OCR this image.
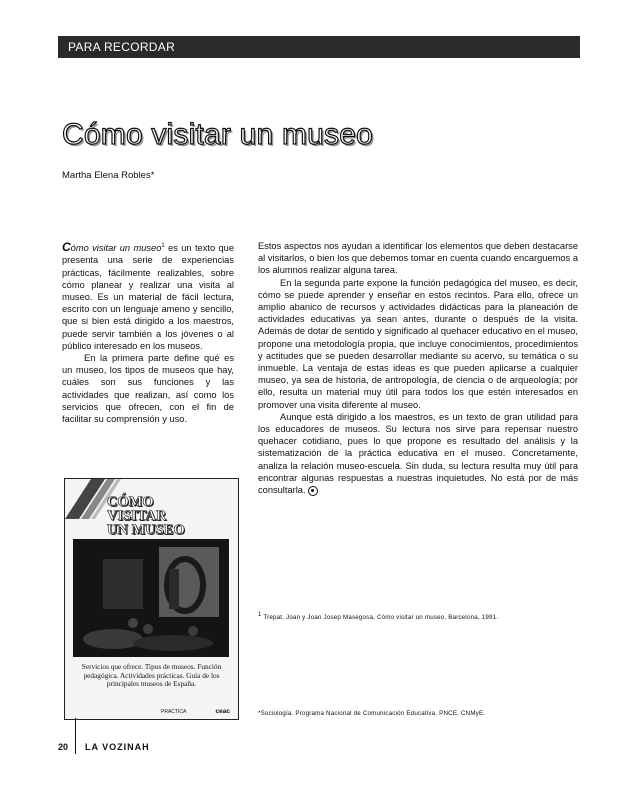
PARA RECORDAR
Cómo visitar un museo
Martha Elena Robles*

Cómo visitar un museo$^1$ es un texto que presenta una serie de experiencias prácticas, fácilmente realizables, sobre cómo planear y realizar una visita al museo. Es un material de fácil lectura, escrito con un lenguaje ameno y sencillo, que si bien está dirigido a los maestros, puede servir también a los jóvenes o al público interesado en los museos.

En la primera parte define qué es un museo, los tipos de museos que hay, cuáles son sus funciones y las actividades que realizan, así como los servicios que ofrecen, con el fin de facilitar su comprensión y uso.

Estos aspectos nos ayudan a identificar los elementos que deben destacarse al visitarlos, o bien los que debemos tomar en cuenta cuando encarguemos a los alumnos realizar alguna tarea.

En la segunda parte expone la función pedagógica del museo, es decir, cómo se puede aprender y enseñar en estos recintos. Para ello, ofrece un amplio abanico de recursos y actividades didácticas para la planeación de actividades educativas ya sean antes, durante o después de la visita. Además de dotar de sentido y significado al quehacer educativo en el museo, propone una metodología propia, que incluye conocimientos, procedimientos y actitudes que se pueden desarrollar mediante su acervo, su temática o su inmueble. La ventaja de estas ideas es que pueden aplicarse a cualquier museo, ya sea de historia, de antropología, de ciencia o de arqueología; por ello, resulta un material muy útil para todos los que estén interesados en promover una visita diferente al museo.

Aunque está dirigido a los maestros, es un texto de gran utilidad para los educadores de museos. Su lectura nos sirve para repensar nuestro quehacer cotidiano, pues lo que propone es resultado del análisis y la sistematización de la práctica educativa en el museo. Concretamente, analiza la relación museo-escuela. Sin duda, su lectura resulta muy útil para encontrar algunas respuestas a nuestras inquietudes. No está por de más consultarla.

CÓMO
VISITAR
UN MUSEO
Servicios que ofrece. Tipos de museos. Función pedagógica. Actividades prácticas. Guía de los principales museos de España.
PRACTICA	ceac
$^1$ Trepat, Joan y Joan Josep Masegosa, Cómo visitar un museo, Barcelona, 1991.
*Sociología. Programa Nacional de Comunicación Educativa. PNCE. CNMyE.
20 LA VOZINAH
